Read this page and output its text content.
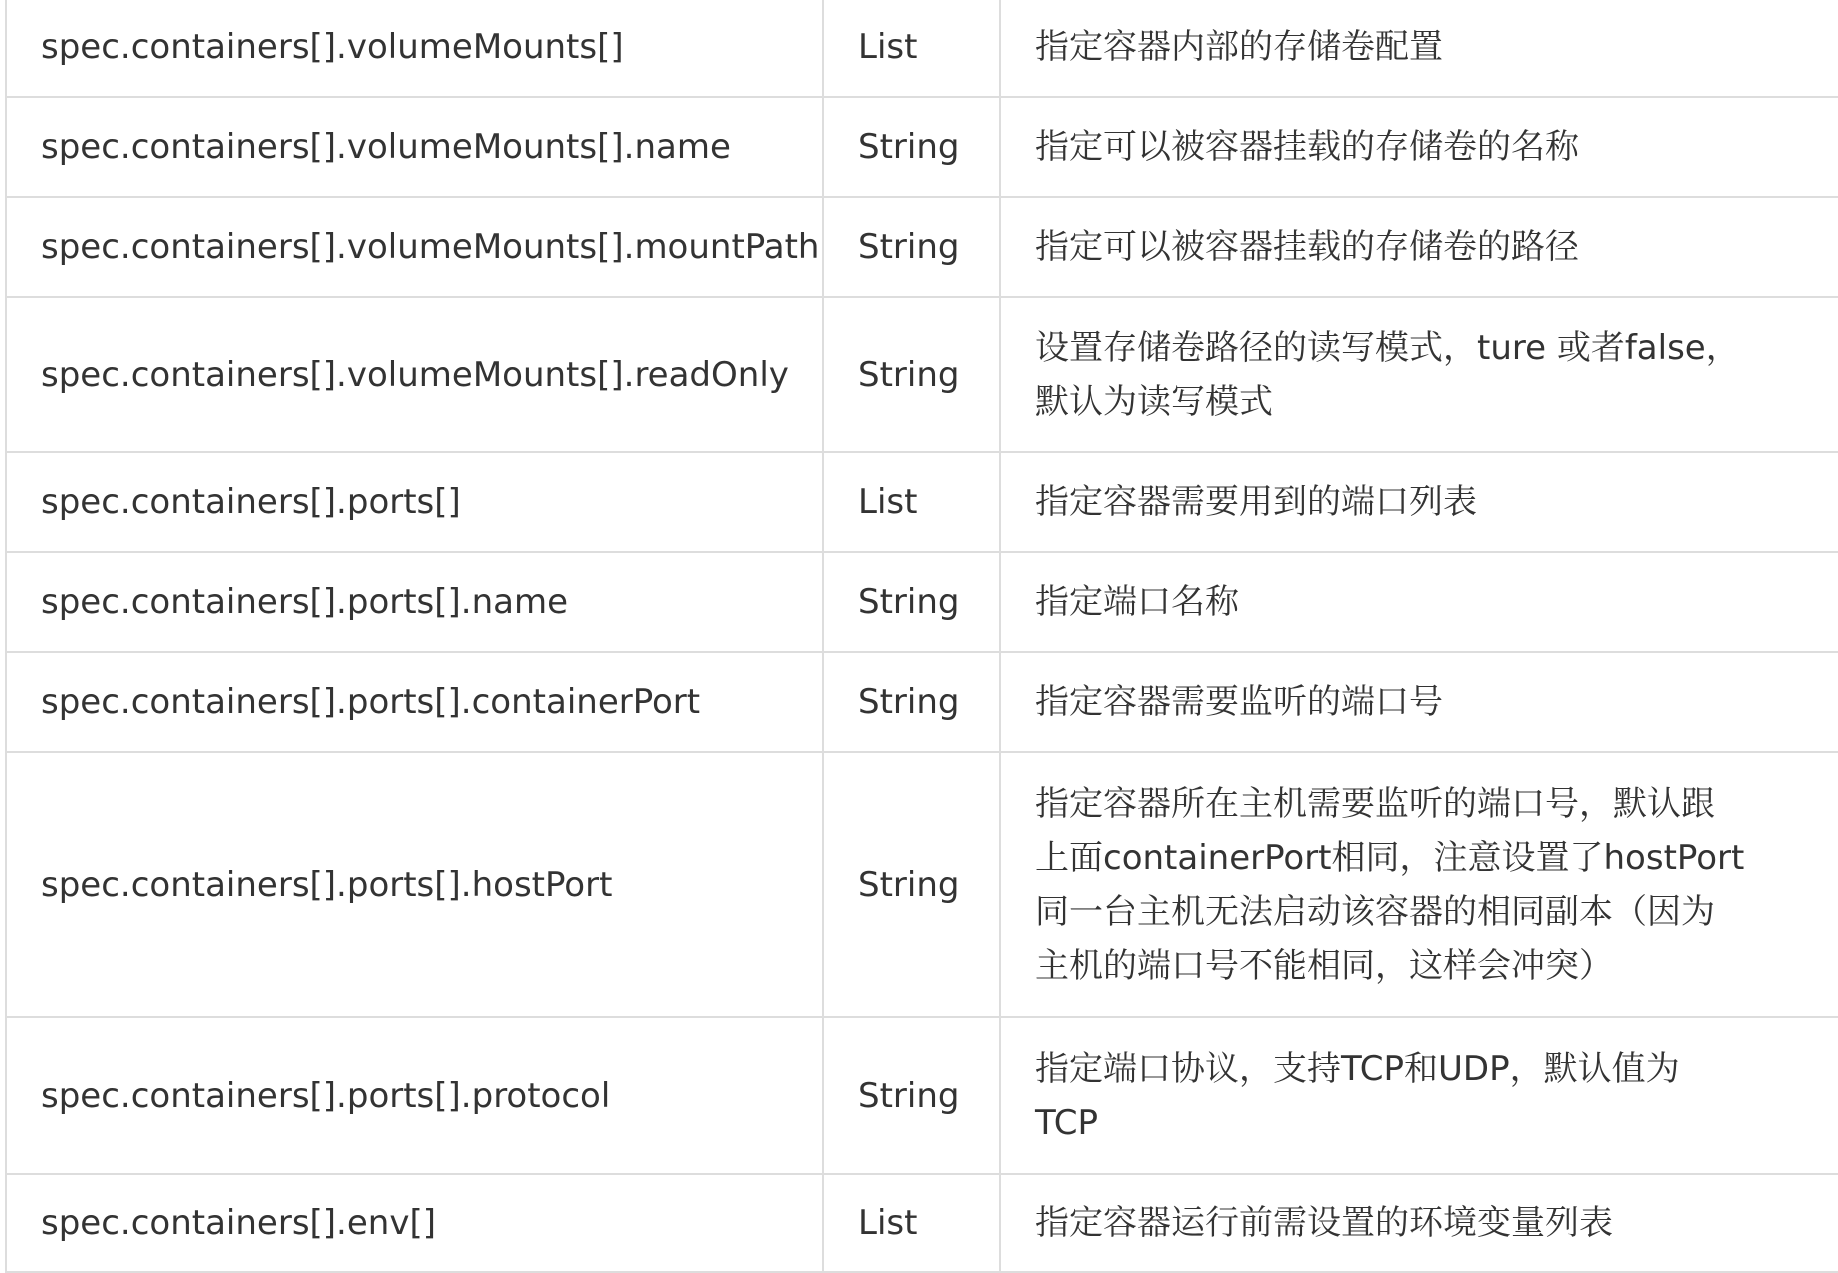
spec.containers[].volumeMounts[]	List	指定容器内部的存储卷配置
spec.containers[].volumeMounts[].name	String	指定可以被容器挂载的存储卷的名称
spec.containers[].volumeMounts[].mountPath	String	指定可以被容器挂载的存储卷的路径
spec.containers[].volumeMounts[].readOnly	String	设置存储卷路径的读写模式，ture 或者false，
默认为读写模式

spec.containers[].ports[]	List	指定容器需要用到的端口列表
spec.containers[].ports[].name	String	指定端口名称
spec.containers[].ports[].containerPort	String	指定容器需要监听的端口号
spec.containers[].ports[].hostPort	String	指定容器所在主机需要监听的端口号，默认跟
上面containerPort相同，注意设置了hostPort
同一台主机无法启动该容器的相同副本（因为
主机的端口号不能相同，这样会冲突）

spec.containers[].ports[].protocol	String	指定端口协议，支持TCP和UDP，默认值为
TCP

spec.containers[].env[]	List	指定容器运行前需设置的环境变量列表
